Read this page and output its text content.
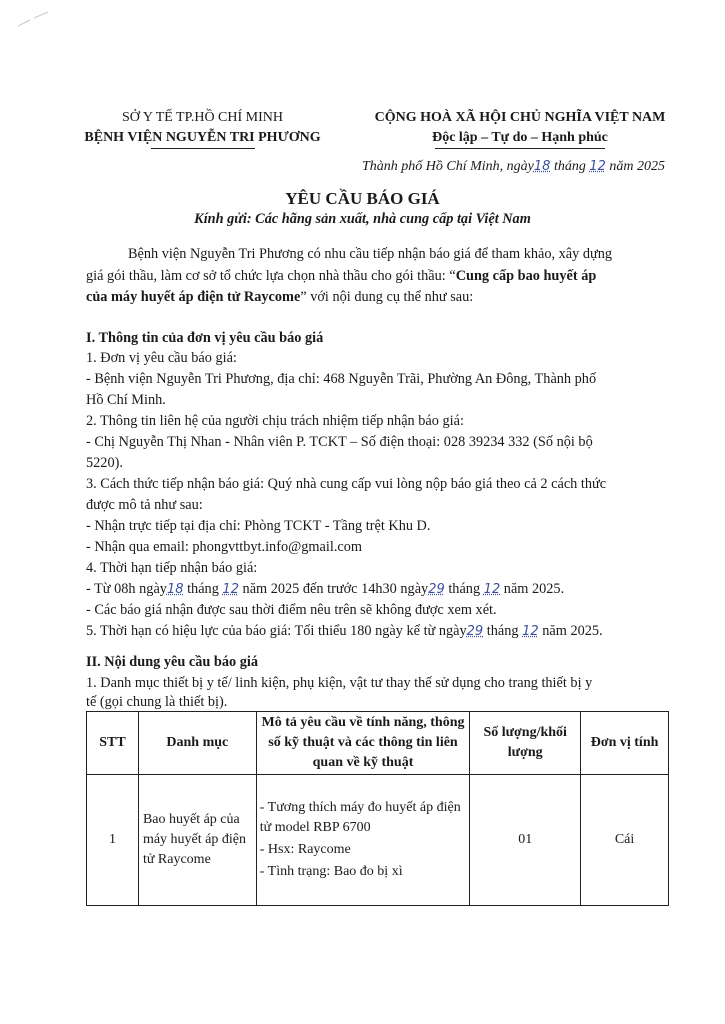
SỞ Y TẾ TP.HỒ CHÍ MINH
BỆNH VIỆN NGUYỄN TRI PHƯƠNG
CỘNG HOÀ XÃ HỘI CHỦ NGHĨA VIỆT NAM
Độc lập – Tự do – Hạnh phúc
Thành phố Hồ Chí Minh, ngày18 tháng 12 năm 2025
YÊU CẦU BÁO GIÁ
Kính gửi: Các hãng sản xuất, nhà cung cấp tại Việt Nam
Bệnh viện Nguyễn Tri Phương có nhu cầu tiếp nhận báo giá để tham khảo, xây dựng
giá gói thầu, làm cơ sở tổ chức lựa chọn nhà thầu cho gói thầu: “Cung cấp bao huyết áp
của máy huyết áp điện tử Raycome” với nội dung cụ thể như sau:
I. Thông tin của đơn vị yêu cầu báo giá
1. Đơn vị yêu cầu báo giá:
- Bệnh viện Nguyễn Tri Phương, địa chỉ: 468 Nguyễn Trãi, Phường An Đông, Thành phố
Hồ Chí Minh.
2. Thông tin liên hệ của người chịu trách nhiệm tiếp nhận báo giá:
- Chị Nguyễn Thị Nhan - Nhân viên P. TCKT – Số điện thoại: 028 39234 332 (Số nội bộ
5220).
3. Cách thức tiếp nhận báo giá: Quý nhà cung cấp vui lòng nộp báo giá theo cả 2 cách thức
được mô tả như sau:
- Nhận trực tiếp tại địa chỉ: Phòng TCKT - Tầng trệt Khu D.
- Nhận qua email: phongvttbyt.info@gmail.com
4. Thời hạn tiếp nhận báo giá:
- Từ 08h ngày18 tháng 12 năm 2025 đến trước 14h30 ngày29 tháng 12 năm 2025.
- Các báo giá nhận được sau thời điểm nêu trên sẽ không được xem xét.
5. Thời hạn có hiệu lực của báo giá: Tối thiểu 180 ngày kể từ ngày29 tháng 12 năm 2025.
II. Nội dung yêu cầu báo giá
1. Danh mục thiết bị y tế/ linh kiện, phụ kiện, vật tư thay thế sử dụng cho trang thiết bị y
tế (gọi chung là thiết bị).
STT	Danh mục	Mô tả yêu cầu về tính năng, thông số kỹ thuật và các thông tin liên quan về kỹ thuật	Số lượng/khối lượng	Đơn vị tính
1	Bao huyết áp của máy huyết áp điện tử Raycome	- Tương thích máy đo huyết áp điện tử model RBP 6700
- Hsx: Raycome
- Tình trạng: Bao đo bị xì	01	Cái
